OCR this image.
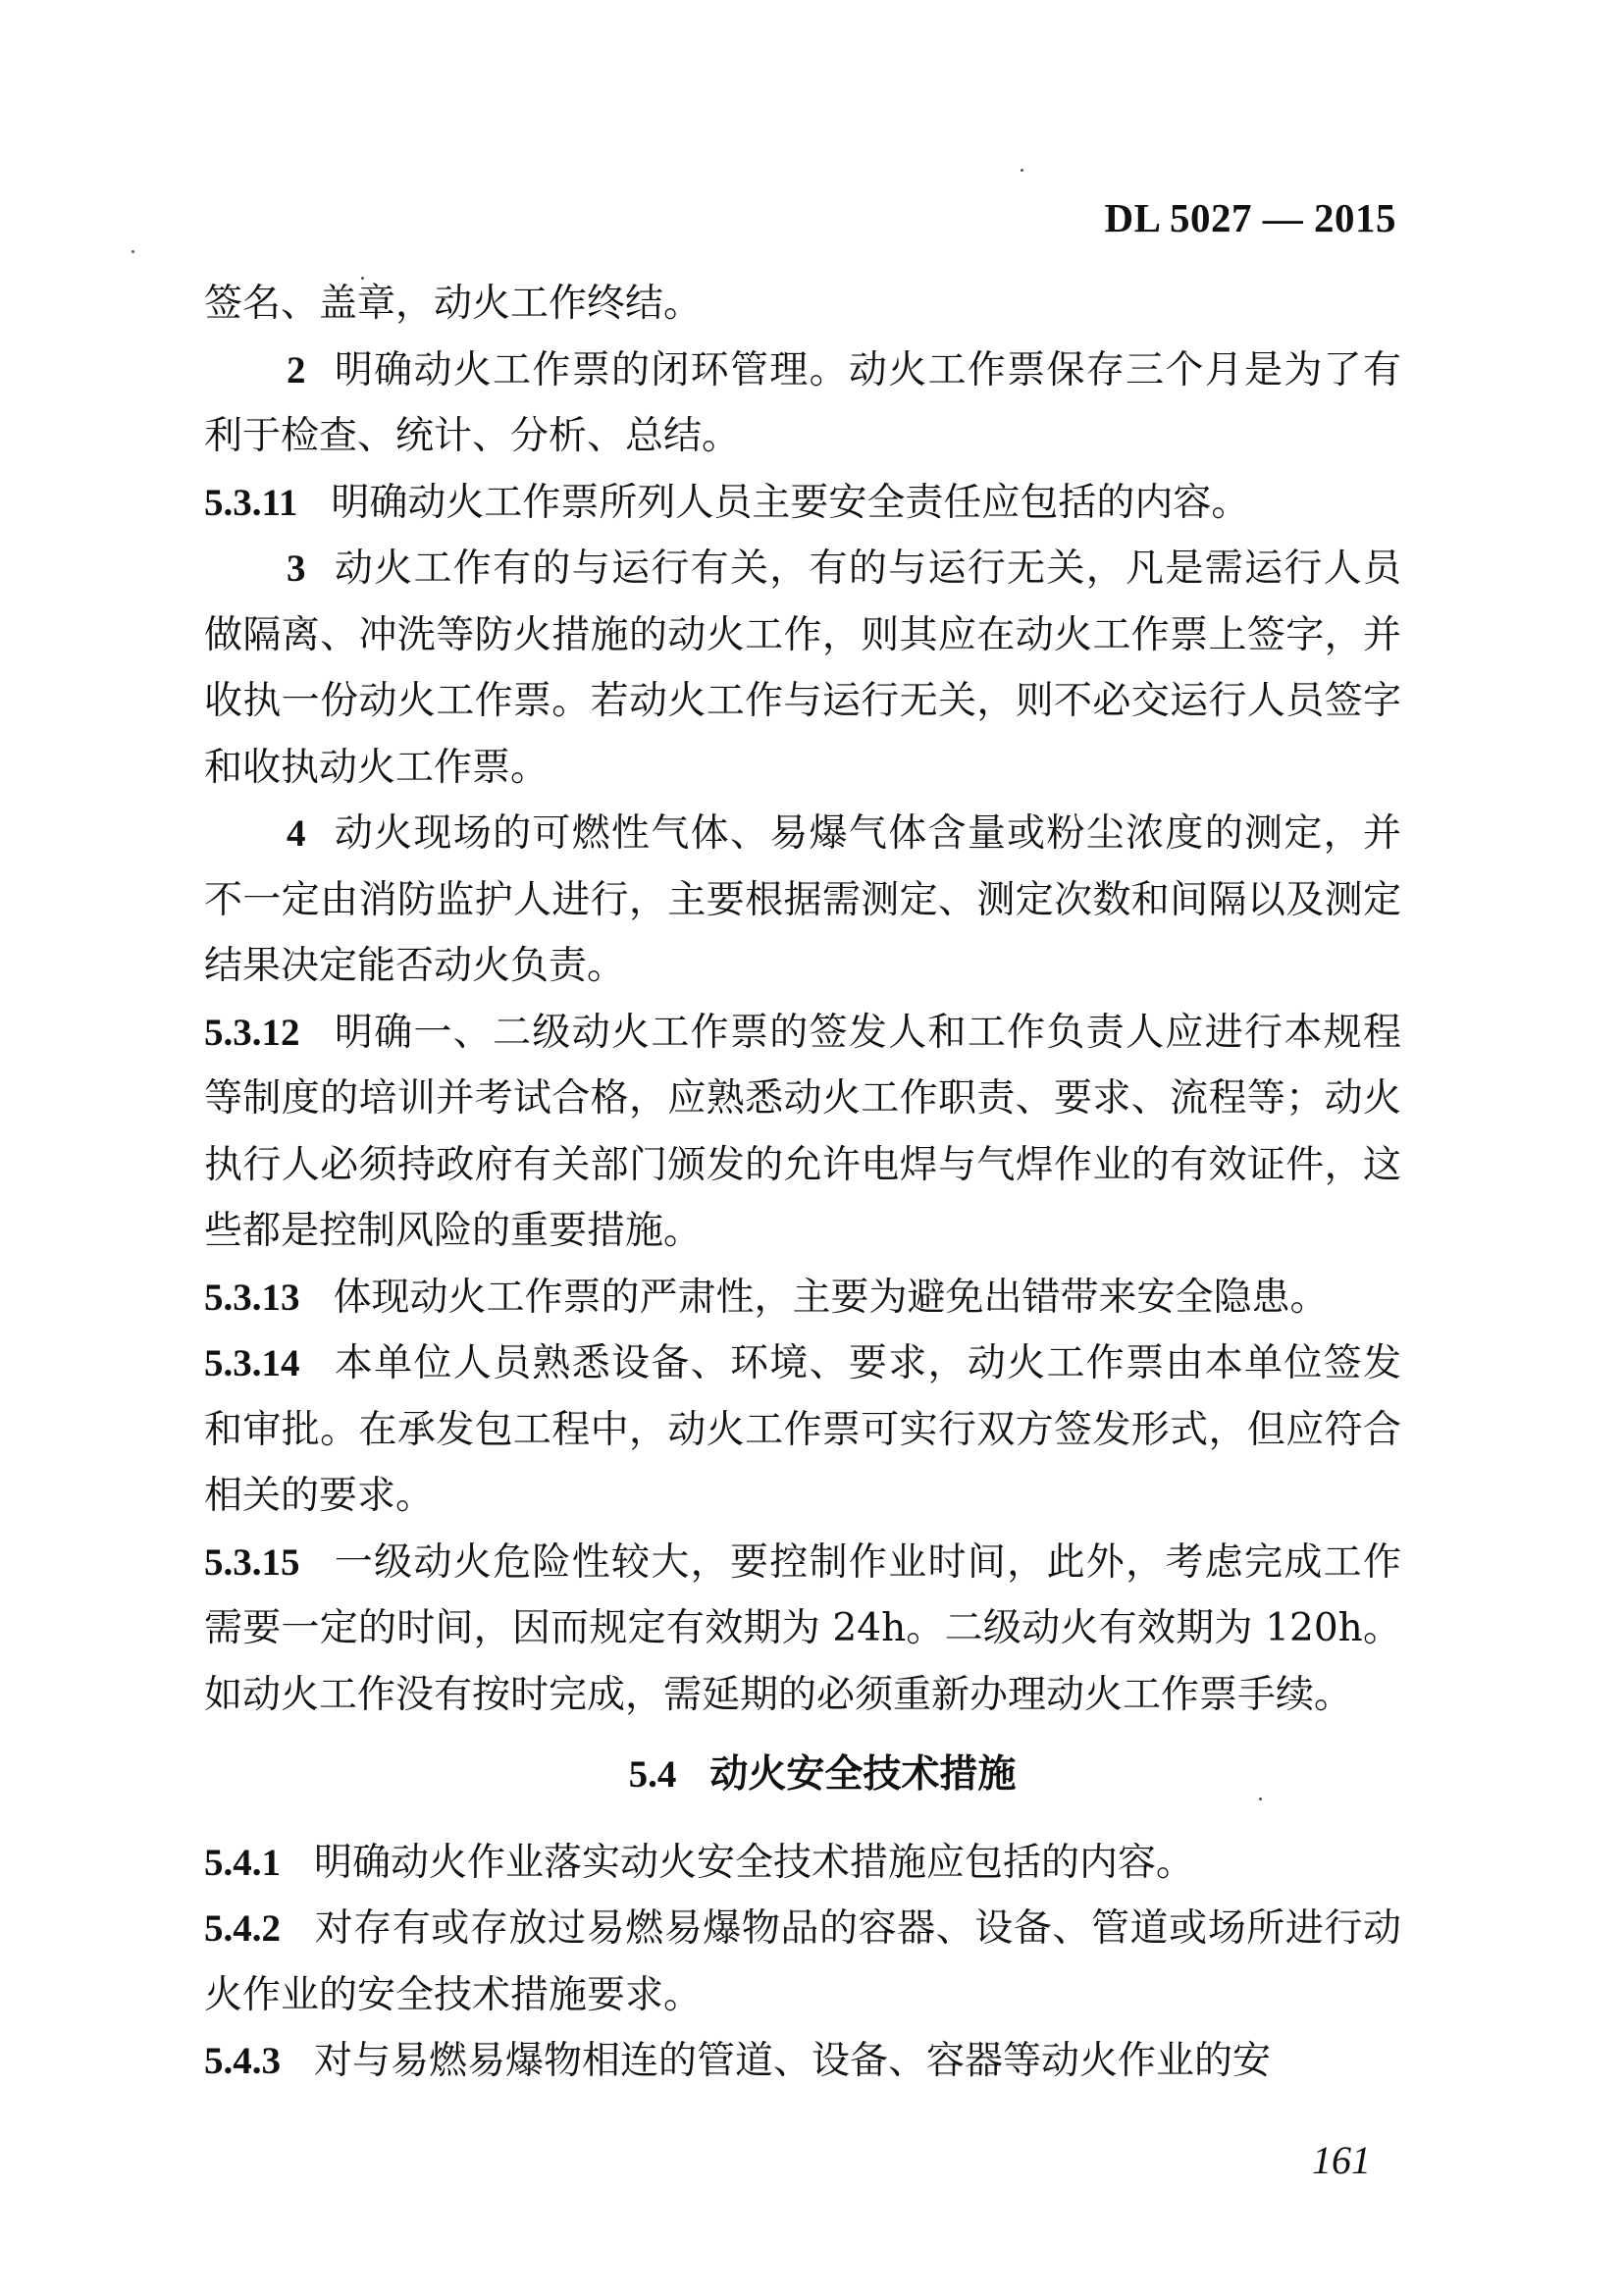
DL 5027 — 2015

签名、盖章，动火工作终结。

2 明确动火工作票的闭环管理。动火工作票保存三个月是为了有利于检查、统计、分析、总结。

5.3.11 明确动火工作票所列人员主要安全责任应包括的内容。

3 动火工作有的与运行有关，有的与运行无关，凡是需运行人员做隔离、冲洗等防火措施的动火工作，则其应在动火工作票上签字，并收执一份动火工作票。若动火工作与运行无关，则不必交运行人员签字和收执动火工作票。

4 动火现场的可燃性气体、易爆气体含量或粉尘浓度的测定，并不一定由消防监护人进行，主要根据需测定、测定次数和间隔以及测定结果决定能否动火负责。

5.3.12 明确一、二级动火工作票的签发人和工作负责人应进行本规程等制度的培训并考试合格，应熟悉动火工作职责、要求、流程等；动火执行人必须持政府有关部门颁发的允许电焊与气焊作业的有效证件，这些都是控制风险的重要措施。

5.3.13 体现动火工作票的严肃性，主要为避免出错带来安全隐患。

5.3.14 本单位人员熟悉设备、环境、要求，动火工作票由本单位签发和审批。在承发包工程中，动火工作票可实行双方签发形式，但应符合相关的要求。

5.3.15 一级动火危险性较大，要控制作业时间，此外，考虑完成工作需要一定的时间，因而规定有效期为 24h。二级动火有效期为 120h。如动火工作没有按时完成，需延期的必须重新办理动火工作票手续。

5.4 动火安全技术措施

5.4.1 明确动火作业落实动火安全技术措施应包括的内容。

5.4.2 对存有或存放过易燃易爆物品的容器、设备、管道或场所进行动火作业的安全技术措施要求。

5.4.3 对与易燃易爆物相连的管道、设备、容器等动火作业的安

161
